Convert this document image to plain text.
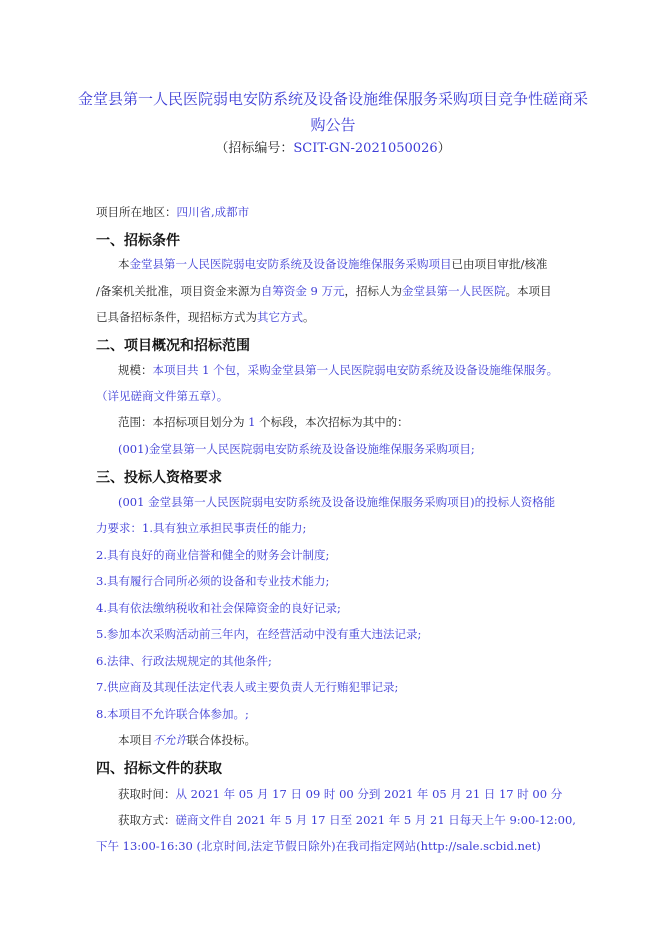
金堂县第一人民医院弱电安防系统及设备设施维保服务采购项目竞争性磋商采
购公告
（招标编号：SCIT-GN-2021050026）
项目所在地区：四川省,成都市
一、招标条件
本金堂县第一人民医院弱电安防系统及设备设施维保服务采购项目已由项目审批/核准
/备案机关批准，项目资金来源为自筹资金 9 万元，招标人为金堂县第一人民医院。本项目
已具备招标条件，现招标方式为其它方式。
二、项目概况和招标范围
规模：本项目共 1 个包，采购金堂县第一人民医院弱电安防系统及设备设施维保服务。
（详见磋商文件第五章）。
范围：本招标项目划分为 1 个标段，本次招标为其中的：
(001)金堂县第一人民医院弱电安防系统及设备设施维保服务采购项目;
三、投标人资格要求
(001 金堂县第一人民医院弱电安防系统及设备设施维保服务采购项目)的投标人资格能
力要求：1.具有独立承担民事责任的能力;
2.具有良好的商业信誉和健全的财务会计制度;
3.具有履行合同所必须的设备和专业技术能力;
4.具有依法缴纳税收和社会保障资金的良好记录;
5.参加本次采购活动前三年内，在经营活动中没有重大违法记录;
6.法律、行政法规规定的其他条件;
7.供应商及其现任法定代表人或主要负责人无行贿犯罪记录;
8.本项目不允许联合体参加。;
本项目不允许联合体投标。
四、招标文件的获取
获取时间：从 2021 年 05 月 17 日 09 时 00 分到 2021 年 05 月 21 日 17 时 00 分
获取方式：磋商文件自 2021 年 5 月 17 日至 2021 年 5 月 21 日每天上午 9:00-12:00,
下午 13:00-16:30 (北京时间,法定节假日除外)在我司指定网站(http://sale.scbid.net)
